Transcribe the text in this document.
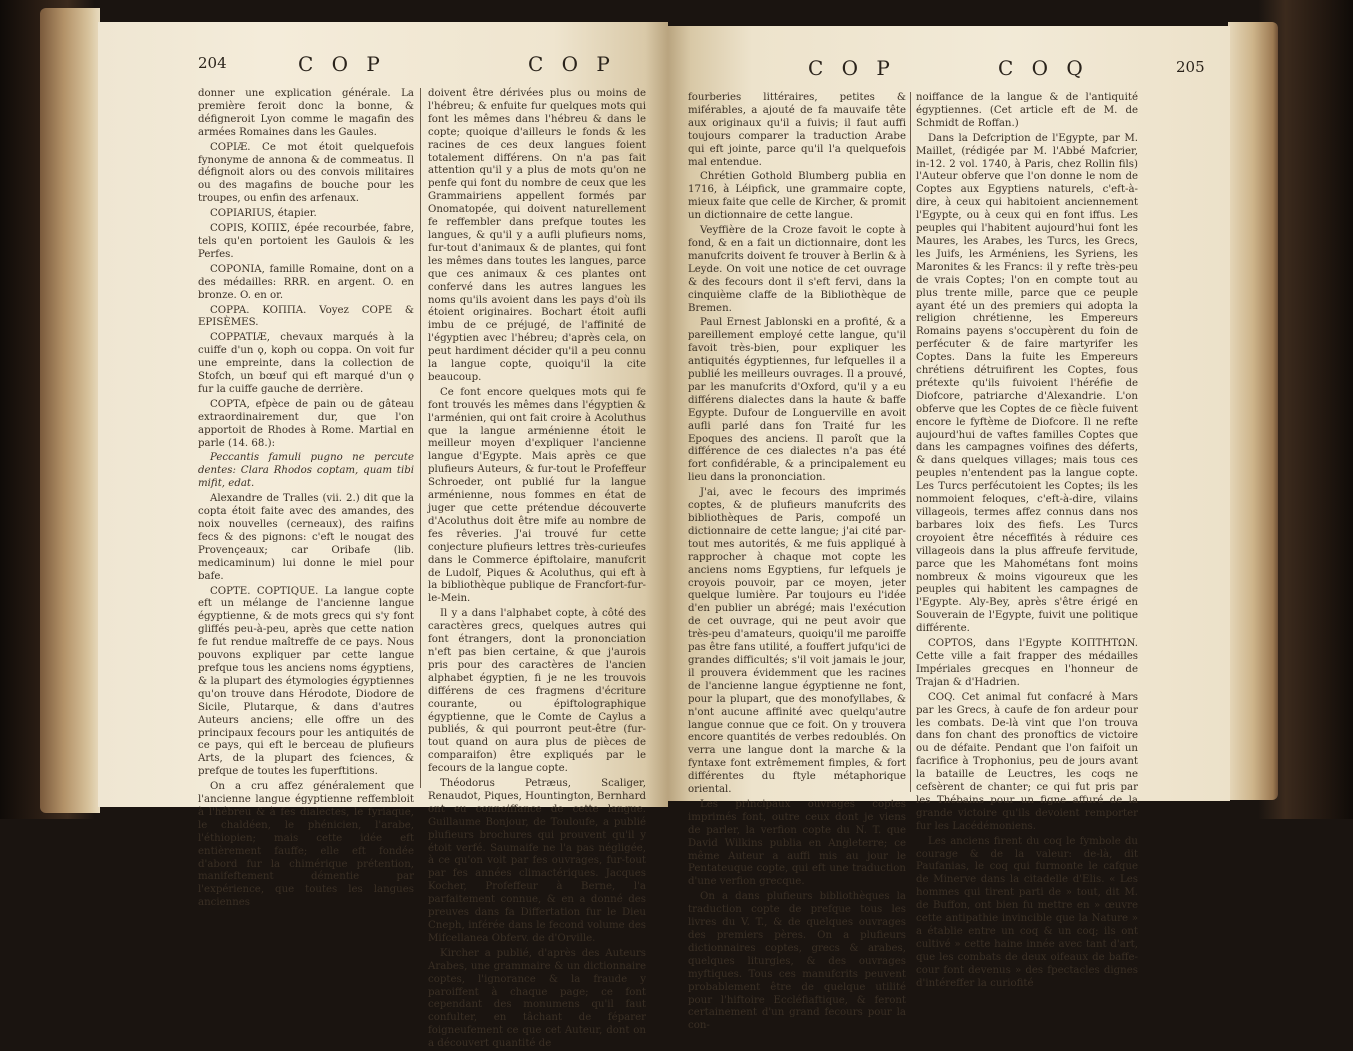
204	C O P	C O P

donner une explication générale. La première feroit donc la bonne, & défigneroit Lyon comme le magafin des armées Romaines dans les Gaules.

COPIÆ. Ce mot étoit quelquefois fynonyme de annona & de commeatus. Il défignoit alors ou des convois militaires ou des magafins de bouche pour les troupes, ou enfin des arfenaux.

COPIARIUS, étapier.

COPIS, KOΠIΣ, épée recourbée, fabre, tels qu'en portoient les Gaulois & les Perfes.

COPONIA, famille Romaine, dont on a des médailles: RRR. en argent. O. en bronze. O. en or.

COPPA. KOΠΠA. Voyez COPE & EPISÈMES.

COPPATIÆ, chevaux marqués à la cuiffe d'un ϙ, koph ou coppa. On voit fur une empreinte, dans la collection de Stofch, un bœuf qui eft marqué d'un ϙ fur la cuiffe gauche de derrière.

COPTA, efpèce de pain ou de gâteau extraordinairement dur, que l'on apportoit de Rhodes à Rome. Martial en parle (14. 68.):

Peccantis famuli pugno ne percute dentes: Clara Rhodos coptam, quam tibi mifit, edat.

Alexandre de Tralles (vii. 2.) dit que la copta étoit faite avec des amandes, des noix nouvelles (cerneaux), des raifins fecs & des pignons: c'eft le nougat des Provençeaux; car Oribafe (lib. medicaminum) lui donne le miel pour bafe.

COPTE. COPTIQUE. La langue copte eft un mélange de l'ancienne langue égyptienne, & de mots grecs qui s'y font gliffés peu-à-peu, après que cette nation fe fut rendue maîtreffe de ce pays. Nous pouvons expliquer par cette langue prefque tous les anciens noms égyptiens, & la plupart des étymologies égyptiennes qu'on trouve dans Hérodote, Diodore de Sicile, Plutarque, & dans d'autres Auteurs anciens; elle offre un des principaux fecours pour les antiquités de ce pays, qui eft le berceau de plufieurs Arts, de la plupart des fciences, & prefque de toutes les fuperftitions.

On a cru affez généralement que l'ancienne langue égyptienne reffembloit à l'hébreu & à fes dialectes, le fyriaque, le chaldéen, le phénicien, l'arabe, l'éthiopien; mais cette idée eft entièrement fauffe; elle eft fondée d'abord fur la chimérique prétention, manifeftement démentie par l'expérience, que toutes les langues anciennes

doivent être dérivées plus ou moins de l'hébreu; & enfuite fur quelques mots qui font les mêmes dans l'hébreu & dans le copte; quoique d'ailleurs le fonds & les racines de ces deux langues foient totalement différens. On n'a pas fait attention qu'il y a plus de mots qu'on ne penfe qui font du nombre de ceux que les Grammairiens appellent formés par Onomatopée, qui doivent naturellement fe reffembler dans prefque toutes les langues, & qu'il y a aufli plufieurs noms, fur-tout d'animaux & de plantes, qui font les mêmes dans toutes les langues, parce que ces animaux & ces plantes ont confervé dans les autres langues les noms qu'ils avoient dans les pays d'où ils étoient originaires. Bochart étoit aufli imbu de ce préjugé, de l'affinité de l'égyptien avec l'hébreu; d'après cela, on peut hardiment décider qu'il a peu connu la langue copte, quoiqu'il la cite beaucoup.

Ce font encore quelques mots qui fe font trouvés les mêmes dans l'égyptien & l'arménien, qui ont fait croire à Acoluthus que la langue arménienne étoit le meilleur moyen d'expliquer l'ancienne langue d'Egypte. Mais après ce que plufieurs Auteurs, & fur-tout le Profeffeur Schroeder, ont publié fur la langue arménienne, nous fommes en état de juger que cette prétendue découverte d'Acoluthus doit être mife au nombre de fes rêveries. J'ai trouvé fur cette conjecture plufieurs lettres très-curieufes dans le Commerce épiftolaire, manufcrit de Ludolf, Piques & Acoluthus, qui eft à la bibliothèque publique de Francfort-fur-le-Mein.

Il y a dans l'alphabet copte, à côté des caractères grecs, quelques autres qui font étrangers, dont la prononciation n'eft pas bien certaine, & que j'aurois pris pour des caractères de l'ancien alphabet égyptien, fi je ne les trouvois différens de ces fragmens d'écriture courante, ou épiftolographique égyptienne, que le Comte de Caylus a publiés, & qui pourront peut-être (fur-tout quand on aura plus de pièces de comparaifon) être expliqués par le fecours de la langue copte.

Théodorus Petræus, Scaliger, Renaudot, Piques, Hountington, Bernhard ont eu connoiffance de cette langue. Guillaume Bonjour, de Touloufe, a publié plufieurs brochures qui prouvent qu'il y étoit verfé. Saumaife ne l'a pas négligée, à ce qu'on voit par fes ouvrages, fur-tout par fes années climactériques. Jacques Kocher, Profeffeur à Berne, l'a parfaitement connue, & en a donné des preuves dans fa Differtation fur le Dieu Cneph, inférée dans le fecond volume des Mifcellanea Obferv. de d'Orville.

Kircher a publié, d'après des Auteurs Arabes, une grammaire & un dictionnaire coptes, l'ignorance & la fraude y paroiffent à chaque page; ce font cependant des monumens qu'il faut confulter, en tâchant de féparer foigneufement ce que cet Auteur, dont on a découvert quantité de

C O P	C O Q	205

fourberies littéraires, petites & miférables, a ajouté de fa mauvaife tête aux originaux qu'il a fuivis; il faut auffi toujours comparer la traduction Arabe qui eft jointe, parce qu'il l'a quelquefois mal entendue.

Chrétien Gothold Blumberg publia en 1716, à Léipfick, une grammaire copte, mieux faite que celle de Kircher, & promit un dictionnaire de cette langue.

Veyffière de la Croze favoit le copte à fond, & en a fait un dictionnaire, dont les manufcrits doivent fe trouver à Berlin & à Leyde. On voit une notice de cet ouvrage & des fecours dont il s'eft fervi, dans la cinquième claffe de la Bibliothèque de Bremen.

Paul Ernest Jablonski en a profité, & a pareillement employé cette langue, qu'il favoit très-bien, pour expliquer les antiquités égyptiennes, fur lefquelles il a publié les meilleurs ouvrages. Il a prouvé, par les manufcrits d'Oxford, qu'il y a eu différens dialectes dans la haute & baffe Egypte. Dufour de Longuerville en avoit aufli parlé dans fon Traité fur les Epoques des anciens. Il paroît que la différence de ces dialectes n'a pas été fort confidérable, & a principalement eu lieu dans la prononciation.

J'ai, avec le fecours des imprimés coptes, & de plufieurs manufcrits des bibliothèques de Paris, compofé un dictionnaire de cette langue; j'ai cité par-tout mes autorités, & me fuis appliqué à rapprocher à chaque mot copte les anciens noms Egyptiens, fur lefquels je croyois pouvoir, par ce moyen, jeter quelque lumière. Par toujours eu l'idée d'en publier un abrégé; mais l'exécution de cet ouvrage, qui ne peut avoir que très-peu d'amateurs, quoiqu'il me paroiffe pas être fans utilité, a fouffert jufqu'ici de grandes difficultés; s'il voit jamais le jour, il prouvera évidemment que les racines de l'ancienne langue égyptienne ne font, pour la plupart, que des monofyllabes, & n'ont aucune affinité avec quelqu'autre langue connue que ce foit. On y trouvera encore quantités de verbes redoublés. On verra une langue dont la marche & la fyntaxe font extrêmement fimples, & fort différentes du ftyle métaphorique oriental.

Les principaux ouvrages coptes imprimés font, outre ceux dont je viens de parler, la verfion copte du N. T. que David Wilkins publia en Angleterre; ce même Auteur a auffi mis au jour le Pentateuque copte, qui eft une traduction d'une verfion grecque.

On a dans plufieurs bibliothèques la traduction copte de prefque tous les livres du V. T., & de quelques ouvrages des premiers pères. On a plufieurs dictionnaires coptes, grecs & arabes, quelques liturgies, & des ouvrages myftiques. Tous ces manufcrits peuvent probablement être de quelque utilité pour l'hiftoire Eccléfiaftique, & feront certainement d'un grand fecours pour la con-

noiffance de la langue & de l'antiquité égyptiennes. (Cet article eft de M. de Schmidt de Roffan.)

Dans la Defcription de l'Egypte, par M. Maillet, (rédigée par M. l'Abbé Mafcrier, in-12. 2 vol. 1740, à Paris, chez Rollin fils) l'Auteur obferve que l'on donne le nom de Coptes aux Egyptiens naturels, c'eft-à-dire, à ceux qui habitoient anciennement l'Egypte, ou à ceux qui en font iffus. Les peuples qui l'habitent aujourd'hui font les Maures, les Arabes, les Turcs, les Grecs, les Juifs, les Arméniens, les Syriens, les Maronites & les Francs: il y refte très-peu de vrais Coptes; l'on en compte tout au plus trente mille, parce que ce peuple ayant été un des premiers qui adopta la religion chrétienne, les Empereurs Romains payens s'occupèrent du foin de perfécuter & de faire martyrifer les Coptes. Dans la fuite les Empereurs chrétiens détruifirent les Coptes, fous prétexte qu'ils fuivoient l'héréfie de Diofcore, patriarche d'Alexandrie. L'on obferve que les Coptes de ce fiècle fuivent encore le fyftème de Diofcore. Il ne refte aujourd'hui de vaftes familles Coptes que dans les campagnes voifines des déferts, & dans quelques villages; mais tous ces peuples n'entendent pas la langue copte. Les Turcs perfécutoient les Coptes; ils les nommoient feloques, c'eft-à-dire, vilains villageois, termes affez connus dans nos barbares loix des fiefs. Les Turcs croyoient être néceffités à réduire ces villageois dans la plus affreufe fervitude, parce que les Mahométans font moins nombreux & moins vigoureux que les peuples qui habitent les campagnes de l'Egypte. Aly-Bey, après s'être érigé en Souverain de l'Egypte, fuivit une politique différente.

COPTOS, dans l'Egypte KOΠTΗTΩN. Cette ville a fait frapper des médailles Impériales grecques en l'honneur de Trajan & d'Hadrien.

COQ. Cet animal fut confacré à Mars par les Grecs, à caufe de fon ardeur pour les combats. De-là vint que l'on trouva dans fon chant des pronoftics de victoire ou de défaite. Pendant que l'on faifoit un facrifice à Trophonius, peu de jours avant la bataille de Leuctres, les coqs ne cefsèrent de chanter; ce qui fut pris par les Thébains pour un figne affuré de la grande victoire qu'ils devoient remporter fur les Lacédémoniens.

Les anciens firent du coq le fymbole du courage & de la valeur: de-là, dit Paufanias, le coq qui furmonte le cafque de Minerve dans la citadelle d'Elis. « Les hommes qui tirent parti de » tout, dit M. de Buffon, ont bien fu mettre en » œuvre cette antipathie invincible que la Nature » a établie entre un coq & un coq; ils ont cultivé » cette haine innée avec tant d'art, que les combats de deux oifeaux de baffe-cour font devenus » des fpectacles dignes d'intéreffer la curiofité
